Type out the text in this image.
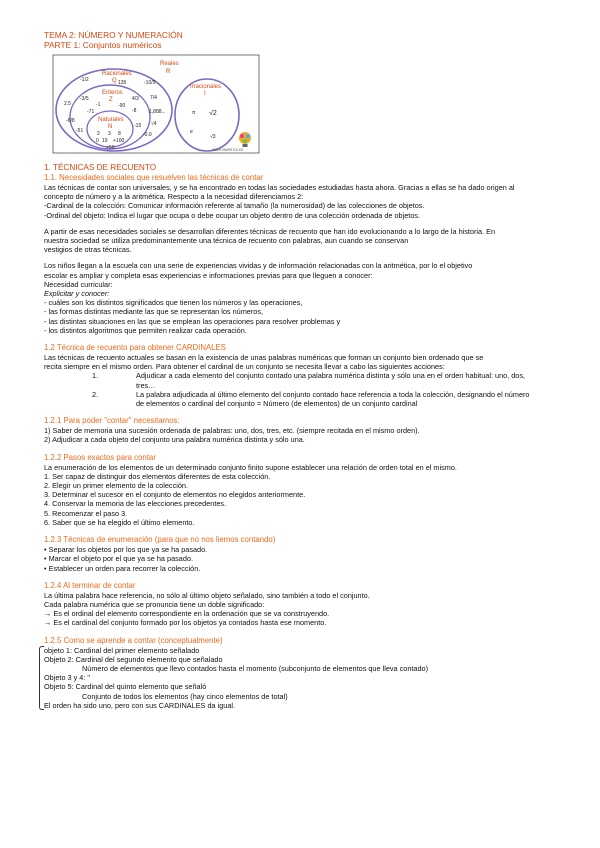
TEMA 2: NÚMERO Y NUMERACIÓN
PARTE 1: Conjuntos numéricos
Reales
R
Racionales
Q
Enteros
Z
Naturales
N
Irracionales
I
-1/2	135	-10/3
2.5
-3/5
-1	-90
7/4
4/3
-71	-8	1,888...
-6/8
-51	2 3 8
-15
0 19 +100
-0.9
+50
√4
π √2
e
√3
WWW.SMARTICK.ES
1. TÉCNICAS DE RECUENTO
1.1. Necesidades sociales que resuelven las técnicas de contar

Las técnicas de contar son universales, y se ha encontrado en todas las sociedades estudiadas hasta ahora. Gracias a ellas se ha dado origen al

concepto de número y a la aritmética. Respecto a la necesidad diferenciamos 2:

-Cardinal de la colección: Comunicar información referente al tamaño (la numerosidad) de las colecciones de objetos.

-Ordinal del objeto: Indica el lugar que ocupa o debe ocupar un objeto dentro de una colección ordenada de objetos.

A partir de esas necesidades sociales se desarrollan diferentes técnicas de recuento que han ido evolucionando a lo largo de la historia. En

nuestra sociedad se utiliza predominantemente una técnica de recuento con palabras, aun cuando se conservan

vestigios de otras técnicas.

Los niños llegan a la escuela con una serie de experiencias vividas y de información relacionadas con la aritmética, por lo el objetivo

escolar es ampliar y completa esas experiencias e informaciones previas para que lleguen a conocer:

Necesidad curricular:

Explicitar y conocer:

- cuáles son los distintos significados que tienen los números y las operaciones,

- las formas distintas mediante las que se representan los números,

- las distintas situaciones en las que se emplean las operaciones para resolver problemas y

- los distintos algoritmos que permiten realizar cada operación.

1.2 Técnica de recuento para obtener CARDINALES

Las técnicas de recuento actuales se basan en la existencia de unas palabras numéricas que forman un conjunto bien ordenado que se

recita siempre en el mismo orden. Para obtener el cardinal de un conjunto se necesita llevar a cabo las siguientes acciones:

1.	Adjudicar a cada elemento del conjunto contado una palabra numérica distinta y sólo una en el orden habitual: uno, dos,

tres…

2.	La palabra adjudicada al último elemento del conjunto contado hace referencia a toda la colección, designando el número

de elementos o cardinal del conjunto = Número (de elementos) de un conjunto cardinal

1.2.1 Para poder "contar" necesitamos:

1) Saber de memoria una sucesión ordenada de palabras: uno, dos, tres, etc. (siempre recitada en el mismo orden).

2) Adjudicar a cada objeto del conjunto una palabra numérica distinta y sólo una.

1.2.2 Pasos exactos para contar

La enumeración de los elementos de un determinado conjunto finito supone establecer una relación de orden total en el mismo.

1. Ser capaz de distinguir dos elementos diferentes de esta colección.

2. Elegir un primer elemento de la colección.

3. Determinar el sucesor en el conjunto de elementos no elegidos anteriormente.

4. Conservar la memoria de las elecciones precedentes.

5. Recomenzar el paso 3.

6. Saber que se ha elegido el último elemento.

1.2.3 Técnicas de enumeración (para que no nos liemos contando)

• Separar los objetos por los que ya se ha pasado.

• Marcar el objeto por el que ya se ha pasado.

• Establecer un orden para recorrer la colección.

1.2.4 Al terminar de contar

La última palabra hace referencia, no sólo al último objeto señalado, sino también a todo el conjunto.

Cada palabra numérica que se pronuncia tiene un doble significado:

→ Es el ordinal del elemento correspondiente en la ordenación que se va construyendo.

→ Es el cardinal del conjunto formado por los objetos ya contados hasta ese momento.

1.2.5 Como se aprende a contar (conceptualmente)

objeto 1: Cardinal del primer elemento señalado

Objeto 2: Cardinal del segundo elemento que señalado

Número de elementos que llevo contados hasta el momento (subconjunto de elementos que lleva contado)

Objeto 3 y 4: "

Objeto 5: Cardinal del quinto elemento que señaló

Conjunto de todos los elementos (hay cinco elementos de total)

El orden ha sido uno, pero con sus CARDINALES da igual.
